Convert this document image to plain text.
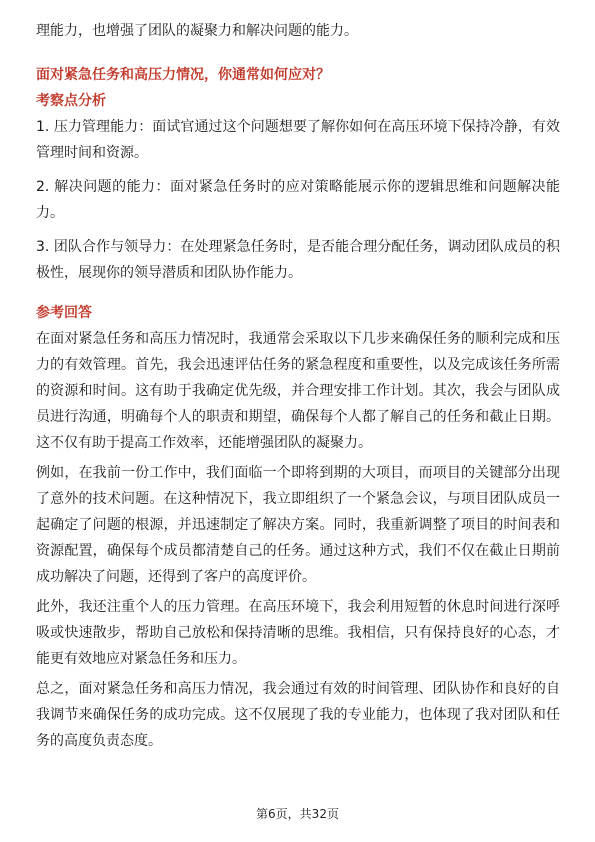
理能力，也增强了团队的凝聚力和解决问题的能力。

面对紧急任务和高压力情况，你通常如何应对？
考察点分析

1. 压力管理能力：面试官通过这个问题想要了解你如何在高压环境下保持冷静，有效管理时间和资源。

2. 解决问题的能力：面对紧急任务时的应对策略能展示你的逻辑思维和问题解决能力。

3. 团队合作与领导力：在处理紧急任务时，是否能合理分配任务，调动团队成员的积极性，展现你的领导潜质和团队协作能力。

参考回答

在面对紧急任务和高压力情况时，我通常会采取以下几步来确保任务的顺利完成和压力的有效管理。首先，我会迅速评估任务的紧急程度和重要性，以及完成该任务所需的资源和时间。这有助于我确定优先级，并合理安排工作计划。其次，我会与团队成员进行沟通，明确每个人的职责和期望，确保每个人都了解自己的任务和截止日期。这不仅有助于提高工作效率，还能增强团队的凝聚力。

例如，在我前一份工作中，我们面临一个即将到期的大项目，而项目的关键部分出现了意外的技术问题。在这种情况下，我立即组织了一个紧急会议，与项目团队成员一起确定了问题的根源，并迅速制定了解决方案。同时，我重新调整了项目的时间表和资源配置，确保每个成员都清楚自己的任务。通过这种方式，我们不仅在截止日期前成功解决了问题，还得到了客户的高度评价。

此外，我还注重个人的压力管理。在高压环境下，我会利用短暂的休息时间进行深呼吸或快速散步，帮助自己放松和保持清晰的思维。我相信，只有保持良好的心态，才能更有效地应对紧急任务和压力。

总之，面对紧急任务和高压力情况，我会通过有效的时间管理、团队协作和良好的自我调节来确保任务的成功完成。这不仅展现了我的专业能力，也体现了我对团队和任务的高度负责态度。

第6页，共32页
